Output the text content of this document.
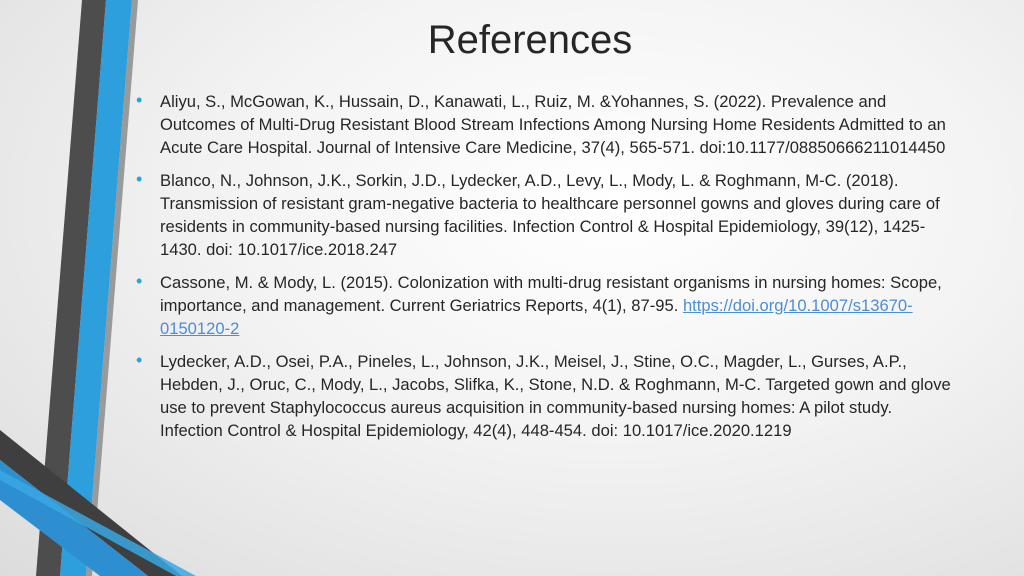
References
• Aliyu, S., McGowan, K., Hussain, D., Kanawati, L., Ruiz, M. &Yohannes, S. (2022). Prevalence and Outcomes of Multi-Drug Resistant Blood Stream Infections Among Nursing Home Residents Admitted to an Acute Care Hospital. Journal of Intensive Care Medicine, 37(4), 565-571. doi:10.1177/08850666211014450
• Blanco, N., Johnson, J.K., Sorkin, J.D., Lydecker, A.D., Levy, L., Mody, L. & Roghmann, M-C. (2018). Transmission of resistant gram-negative bacteria to healthcare personnel gowns and gloves during care of residents in community-based nursing facilities. Infection Control & Hospital Epidemiology, 39(12), 1425-1430. doi: 10.1017/ice.2018.247
• Cassone, M. & Mody, L. (2015). Colonization with multi-drug resistant organisms in nursing homes: Scope, importance, and management. Current Geriatrics Reports, 4(1), 87-95. https://doi.org/10.1007/s13670-0150120-2
• Lydecker, A.D., Osei, P.A., Pineles, L., Johnson, J.K., Meisel, J., Stine, O.C., Magder, L., Gurses, A.P., Hebden, J., Oruc, C., Mody, L., Jacobs, Slifka, K., Stone, N.D. & Roghmann, M-C. Targeted gown and glove use to prevent Staphylococcus aureus acquisition in community-based nursing homes: A pilot study. Infection Control & Hospital Epidemiology, 42(4), 448-454. doi: 10.1017/ice.2020.1219
